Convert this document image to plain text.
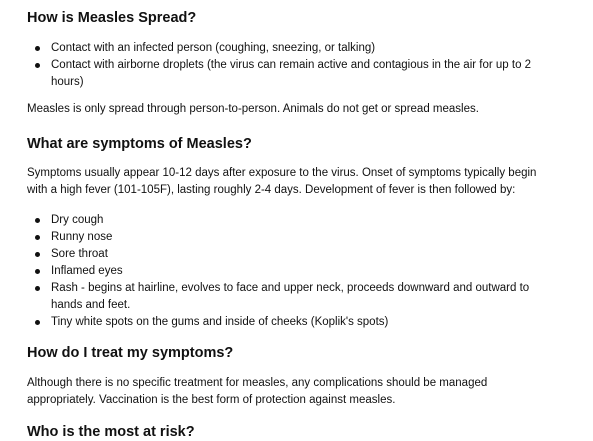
How is Measles Spread?
Contact with an infected person (coughing, sneezing, or talking)
Contact with airborne droplets (the virus can remain active and contagious in the air for up to 2 hours)

Measles is only spread through person-to-person. Animals do not get or spread measles.

What are symptoms of Measles?

Symptoms usually appear 10-12 days after exposure to the virus. Onset of symptoms typically begin with a high fever (101-105F), lasting roughly 2-4 days. Development of fever is then followed by:

Dry cough
Runny nose
Sore throat
Inflamed eyes
Rash - begins at hairline, evolves to face and upper neck, proceeds downward and outward to hands and feet.
Tiny white spots on the gums and inside of cheeks (Koplik's spots)
How do I treat my symptoms?

Although there is no specific treatment for measles, any complications should be managed appropriately. Vaccination is the best form of protection against measles.

Who is the most at risk?
